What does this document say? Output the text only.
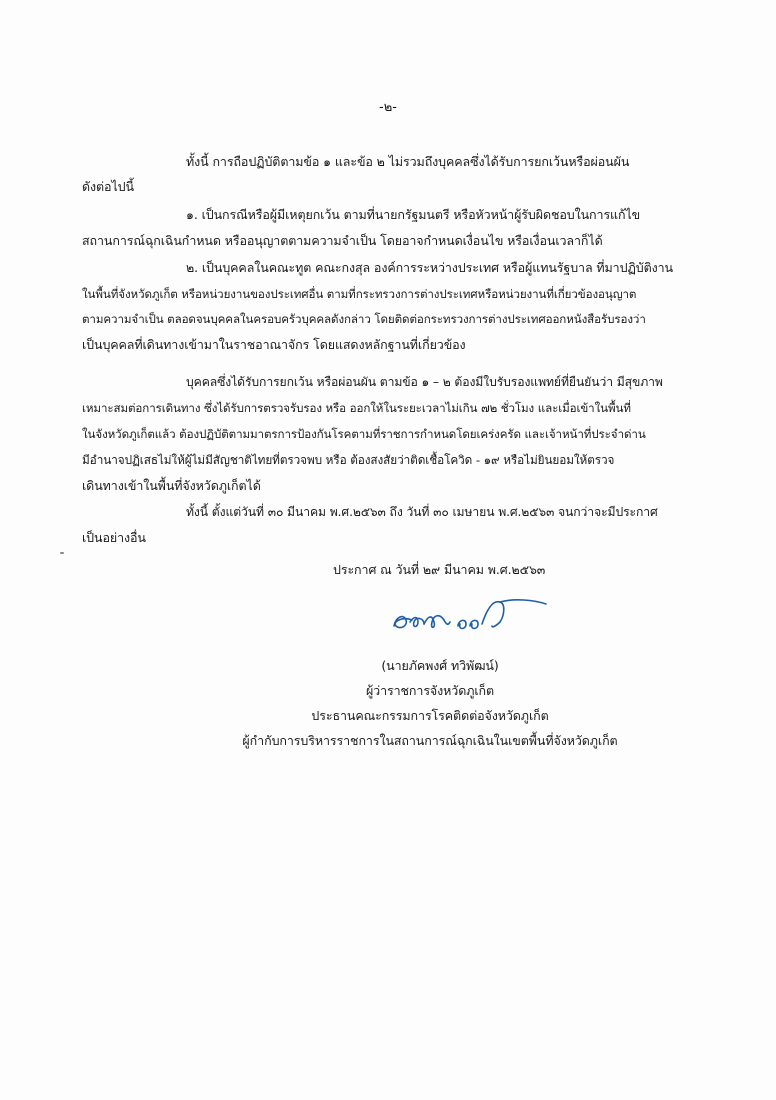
-๒-
ทั้งนี้ การถือปฏิบัติตามข้อ ๑ และข้อ ๒ ไม่รวมถึงบุคคลซึ่งได้รับการยกเว้นหรือผ่อนผัน
ดังต่อไปนี้
๑. เป็นกรณีหรือผู้มีเหตุยกเว้น ตามที่นายกรัฐมนตรี หรือหัวหน้าผู้รับผิดชอบในการแก้ไข
สถานการณ์ฉุกเฉินกำหนด หรืออนุญาตตามความจำเป็น โดยอาจกำหนดเงื่อนไข หรือเงื่อนเวลาก็ได้
๒. เป็นบุคคลในคณะทูต คณะกงสุล องค์การระหว่างประเทศ หรือผู้แทนรัฐบาล ที่มาปฏิบัติงาน
ในพื้นที่จังหวัดภูเก็ต หรือหน่วยงานของประเทศอื่น ตามที่กระทรวงการต่างประเทศหรือหน่วยงานที่เกี่ยวข้องอนุญาต
ตามความจำเป็น ตลอดจนบุคคลในครอบครัวบุคคลดังกล่าว โดยติดต่อกระทรวงการต่างประเทศออกหนังสือรับรองว่า
เป็นบุคคลที่เดินทางเข้ามาในราชอาณาจักร โดยแสดงหลักฐานที่เกี่ยวข้อง
บุคคลซึ่งได้รับการยกเว้น หรือผ่อนผัน ตามข้อ ๑ – ๒ ต้องมีใบรับรองแพทย์ที่ยืนยันว่า มีสุขภาพ
เหมาะสมต่อการเดินทาง ซึ่งได้รับการตรวจรับรอง หรือ ออกให้ในระยะเวลาไม่เกิน ๗๒ ชั่วโมง และเมื่อเข้าในพื้นที่
ในจังหวัดภูเก็ตแล้ว ต้องปฏิบัติตามมาตรการป้องกันโรคตามที่ราชการกำหนดโดยเคร่งครัด และเจ้าหน้าที่ประจำด่าน
มีอำนาจปฏิเสธไม่ให้ผู้ไม่มีสัญชาติไทยที่ตรวจพบ หรือ ต้องสงสัยว่าติดเชื้อโควิด - ๑๙ หรือไม่ยินยอมให้ตรวจ
เดินทางเข้าในพื้นที่จังหวัดภูเก็ตได้
ทั้งนี้ ตั้งแต่วันที่ ๓๐ มีนาคม พ.ศ.๒๕๖๓ ถึง วันที่ ๓๐ เมษายน พ.ศ.๒๕๖๓ จนกว่าจะมีประกาศ
เป็นอย่างอื่น
ประกาศ ณ วันที่ ๒๙ มีนาคม พ.ศ.๒๕๖๓
(นายภัคพงศ์ ทวิพัฒน์)
ผู้ว่าราชการจังหวัดภูเก็ต
ประธานคณะกรรมการโรคติดต่อจังหวัดภูเก็ต
ผู้กำกับการบริหารราชการในสถานการณ์ฉุกเฉินในเขตพื้นที่จังหวัดภูเก็ต
